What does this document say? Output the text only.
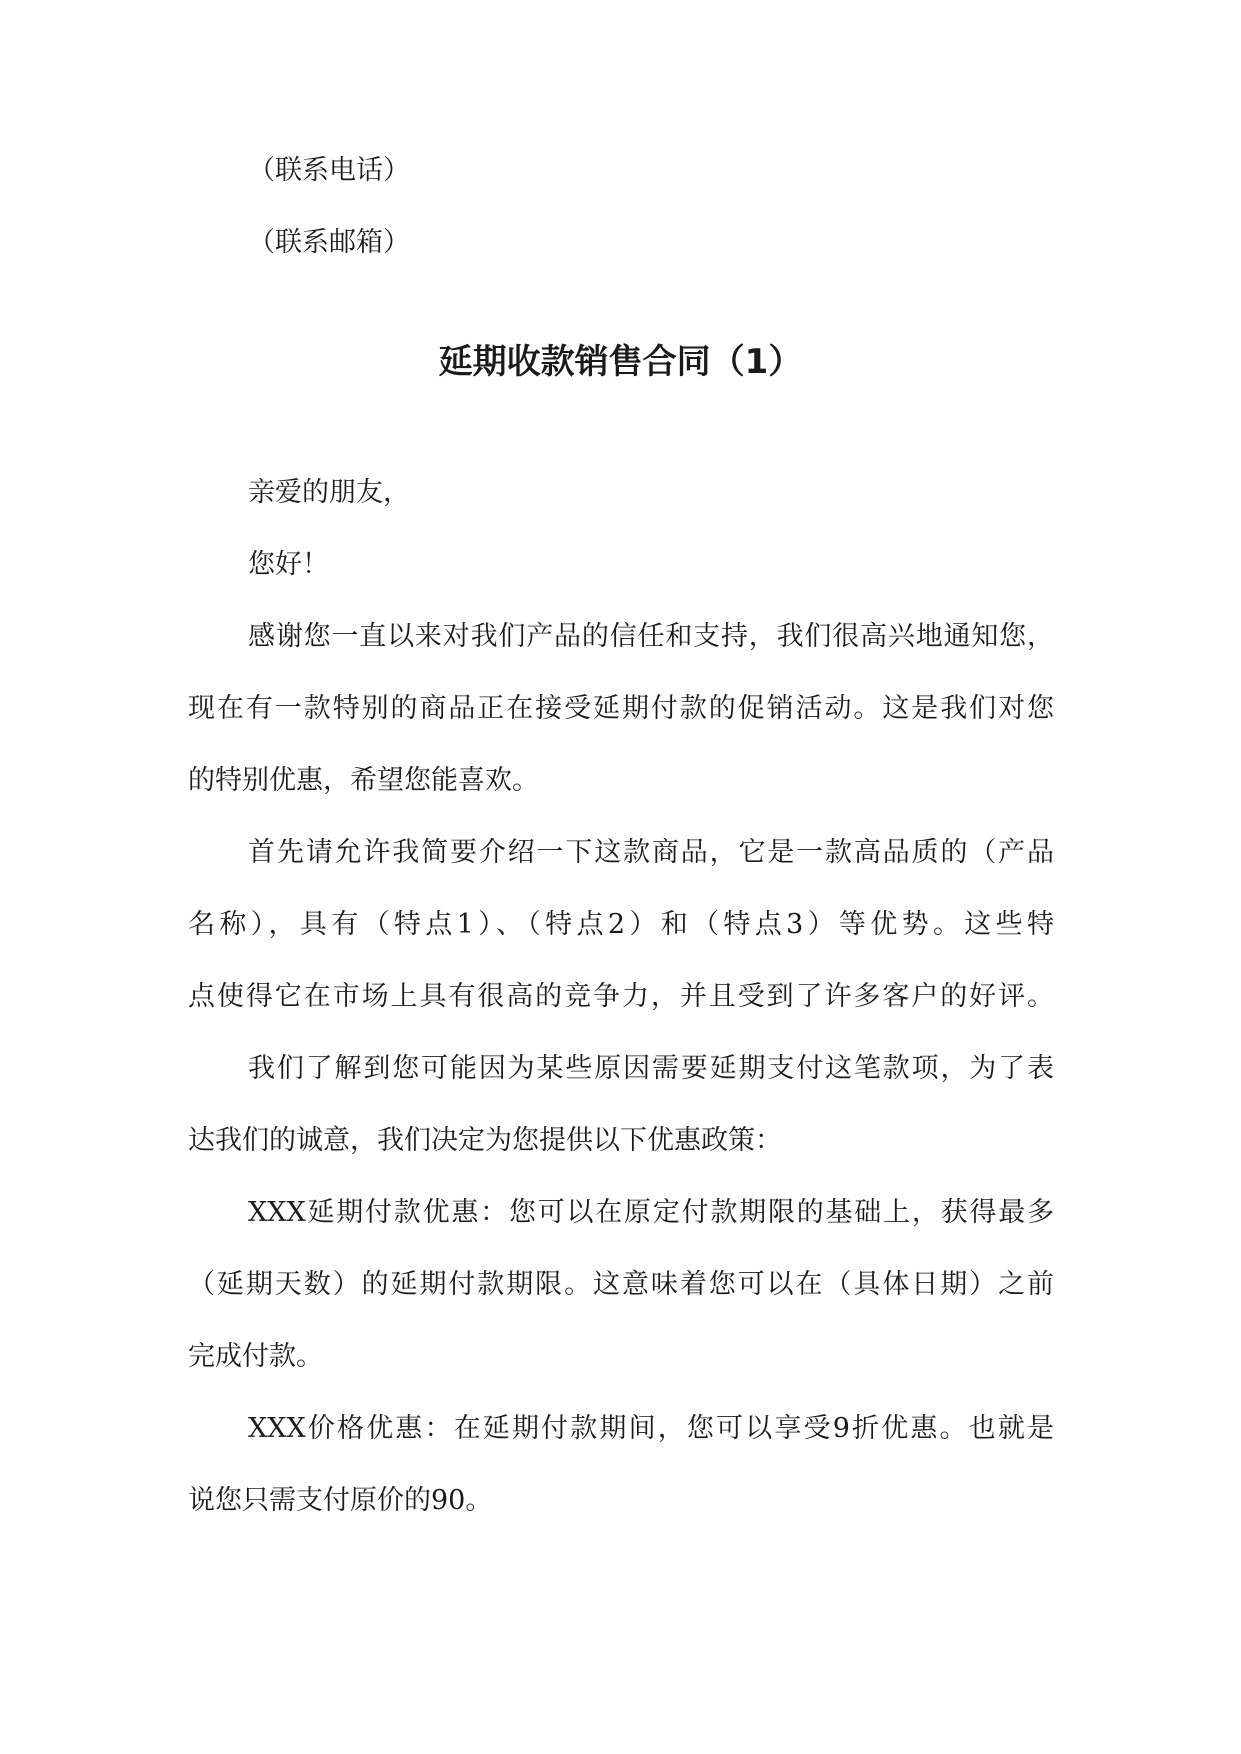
（联系电话）

（联系邮箱）

延期收款销售合同（1）

亲爱的朋友，

您好！

感谢您一直以来对我们产品的信任和支持，我们很高兴地通知您，

现在有一款特别的商品正在接受延期付款的促销活动。这是我们对您

的特别优惠，希望您能喜欢。

首先请允许我简要介绍一下这款商品，它是一款高品质的（产品

名称），具有（特点1）、（特点2）和（特点3）等优势。这些特

点使得它在市场上具有很高的竞争力，并且受到了许多客户的好评。

我们了解到您可能因为某些原因需要延期支付这笔款项，为了表

达我们的诚意，我们决定为您提供以下优惠政策：

XXX延期付款优惠：您可以在原定付款期限的基础上，获得最多

（延期天数）的延期付款期限。这意味着您可以在（具体日期）之前

完成付款。

XXX价格优惠：在延期付款期间，您可以享受9折优惠。也就是

说您只需支付原价的90。
